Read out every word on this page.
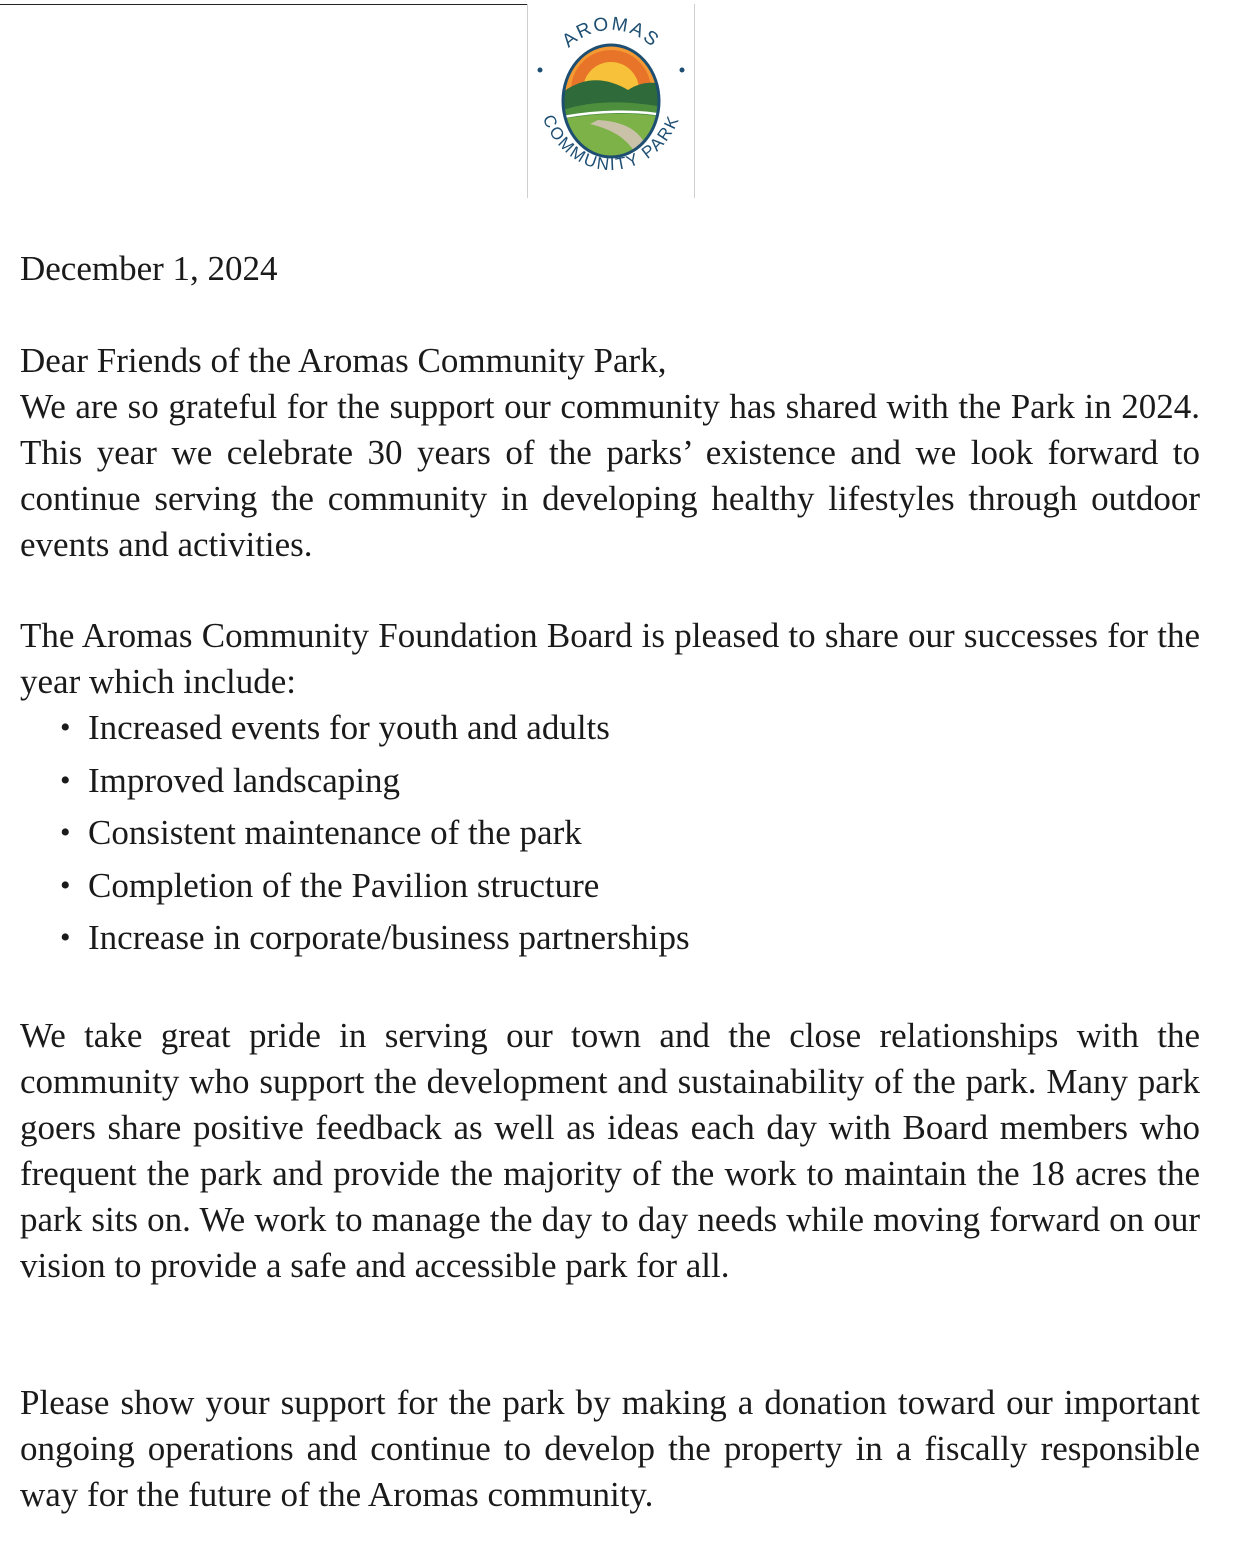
AROMAS
COMMUNITY PARK
December 1, 2024
Dear Friends of the Aromas Community Park,

We are so grateful for the support our community has shared with the Park in 2024. This year we celebrate 30 years of the parks’ existence and we look forward to continue serving the community in developing healthy lifestyles through outdoor events and activities.

The Aromas Community Foundation Board is pleased to share our successes for the year which include:

• Increased events for youth and adults
• Improved landscaping
• Consistent maintenance of the park
• Completion of the Pavilion structure
• Increase in corporate/business partnerships

We take great pride in serving our town and the close relationships with the community who support the development and sustainability of the park. Many park goers share positive feedback as well as ideas each day with Board members who frequent the park and provide the majority of the work to maintain the 18 acres the park sits on. We work to manage the day to day needs while moving forward on our vision to provide a safe and accessible park for all.

Please show your support for the park by making a donation toward our important ongoing operations and continue to develop the property in a fiscally responsible way for the future of the Aromas community.
